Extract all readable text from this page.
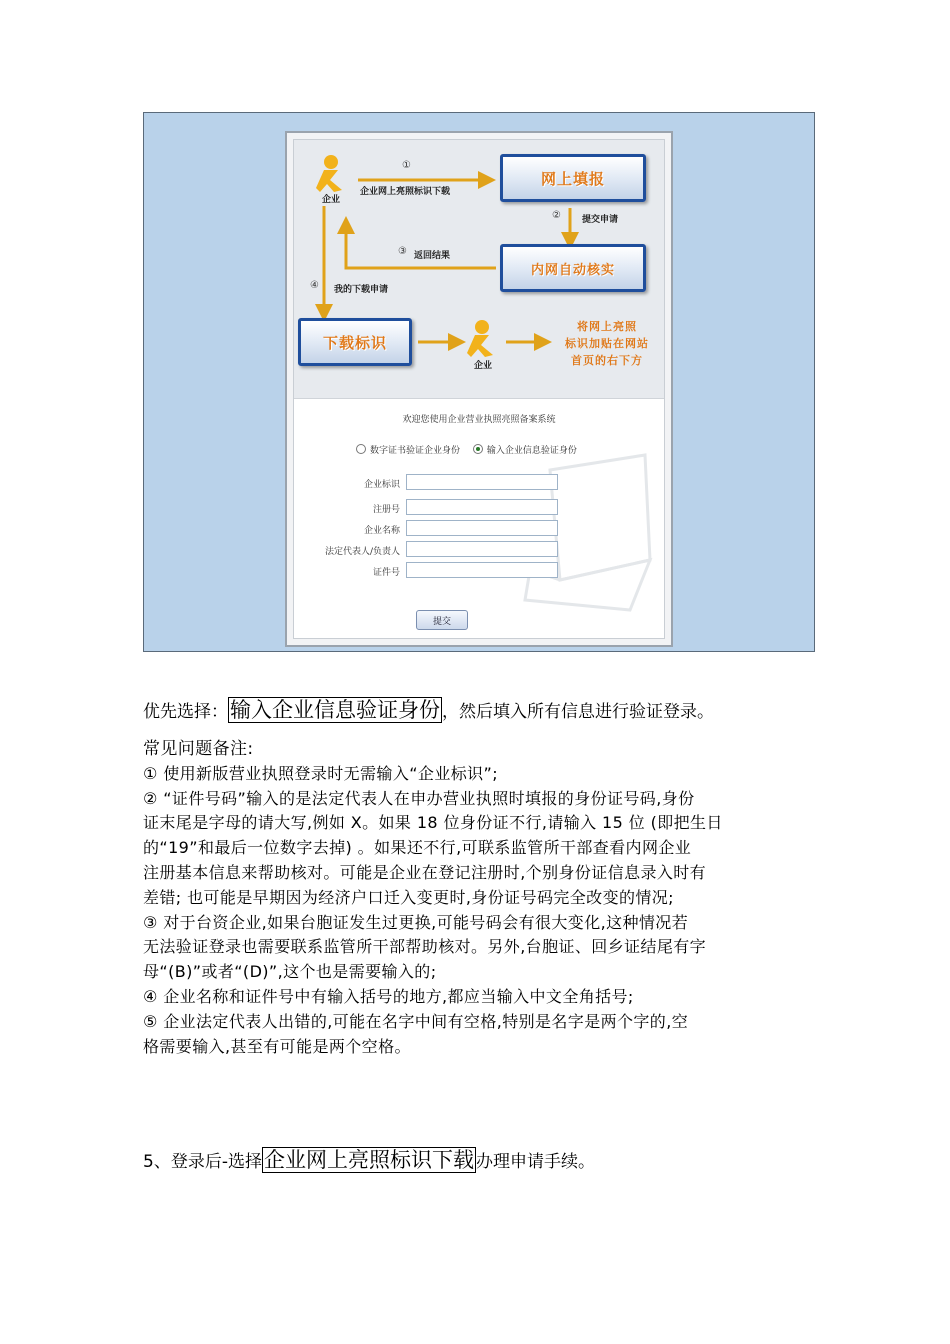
企业
①
企业网上亮照标识下载
网上填报
② 提交申请
内网自动核实
③ 返回结果
④ 我的下载申请
下载标识
企业
将网上亮照
标识加贴在网站
首页的右下方
欢迎您使用企业营业执照亮照备案系统
数字证书验证企业身份	输入企业信息验证身份
企业标识
注册号
企业名称
法定代表人/负责人
证件号
提交
优先选择：输入企业信息验证身份 ，然后填入所有信息进行验证登录。
常见问题备注:
① 使用新版营业执照登录时无需输入“企业标识”;
② “证件号码”输入的是法定代表人在申办营业执照时填报的身份证号码,身份
证末尾是字母的请大写,例如 X。如果 18 位身份证不行,请输入 15 位 (即把生日
的“19”和最后一位数字去掉) 。如果还不行,可联系监管所干部查看内网企业
注册基本信息来帮助核对。可能是企业在登记注册时,个别身份证信息录入时有
差错; 也可能是早期因为经济户口迁入变更时,身份证号码完全改变的情况;
③ 对于台资企业,如果台胞证发生过更换,可能号码会有很大变化,这种情况若
无法验证登录也需要联系监管所干部帮助核对。另外,台胞证、回乡证结尾有字
母“(B)”或者“(D)”,这个也是需要输入的;
④ 企业名称和证件号中有输入括号的地方,都应当输入中文全角括号;
⑤ 企业法定代表人出错的,可能在名字中间有空格,特别是名字是两个字的,空
格需要输入,甚至有可能是两个空格。
5、登录后-选择企业网上亮照标识下载 办理申请手续。
